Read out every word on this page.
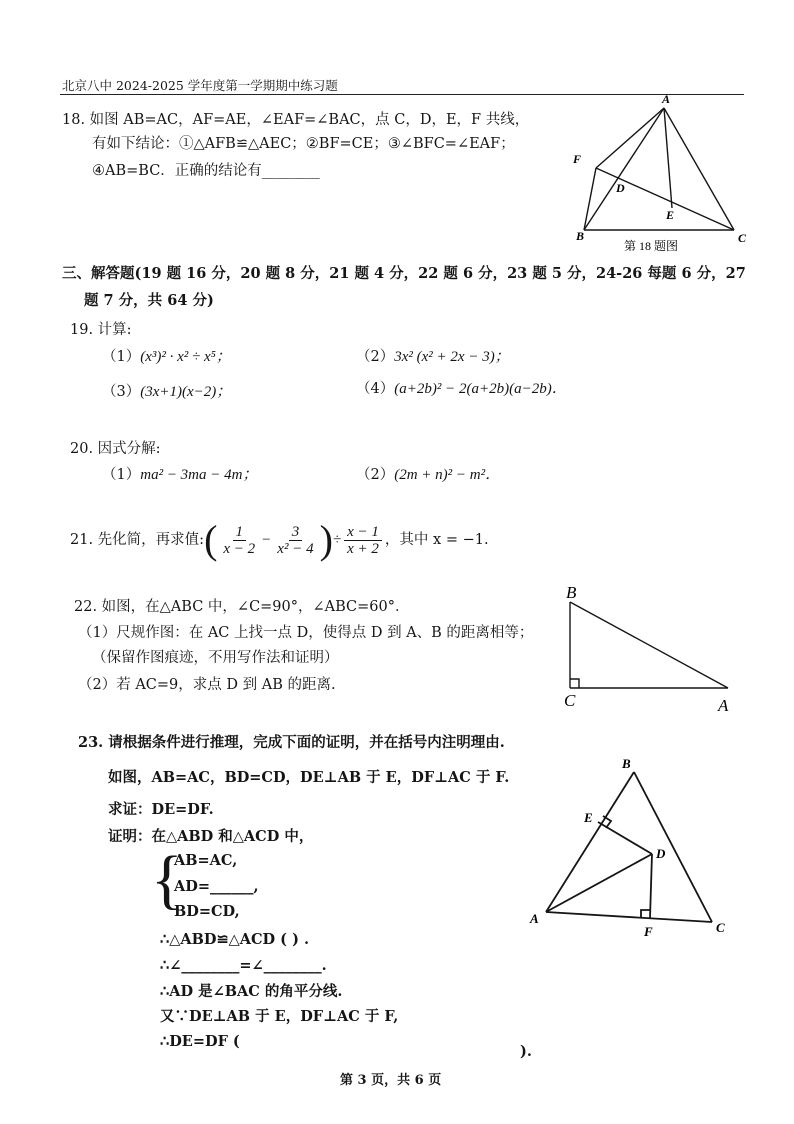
北京八中 2024-2025 学年度第一学期期中练习题
18. 如图 AB=AC，AF=AE，∠EAF=∠BAC，点 C，D，E，F 共线，
有如下结论：①△AFB≌△AEC；②BF=CE；③∠BFC=∠EAF；
④AB=BC．正确的结论有________
A
F
D
E
B	C
第 18 题图
三、解答题(19 题 16 分，20 题 8 分，21 题 4 分，22 题 6 分，23 题 5 分，24-26 每题 6 分，27
题 7 分，共 64 分)
19. 计算:
（1）(x³)² · x² ÷ x⁵；	（2）3x² (x² + 2x − 3)；
（3）(3x+1)(x−2)；	（4）(a+2b)² − 2(a+2b)(a−2b)．
20. 因式分解:
（1）ma² − 3ma − 4m；	（2）(2m + n)² − m²．
21. 先化简，再求值: ( $\frac{1}{x - 2} - \frac{3}{\text{x² − 4}}$ ) ÷ $\frac{x - 1}{x + 2}$ ，其中 x = −1.
22. 如图，在△ABC 中，∠C=90°，∠ABC=60°．
（1）尺规作图：在 AC 上找一点 D，使得点 D 到 A、B 的距离相等；
（保留作图痕迹，不用写作法和证明）
（2）若 AC=9，求点 D 到 AB 的距离.
B
C	A
23. 请根据条件进行推理，完成下面的证明，并在括号内注明理由.
如图，AB=AC，BD=CD，DE⊥AB 于 E，DF⊥AC 于 F.
求证：DE=DF.
证明：在△ABD 和△ACD 中，
{
AB=AC,
AD=______,
BD=CD,
∴△ABD≌△ACD ( ) .
∴∠________=∠________.
∴AD 是∠BAC 的角平分线.
又∵DE⊥AB 于 E，DF⊥AC 于 F,
∴DE=DF (
).
B
E
D
A
F	C
第 3 页，共 6 页
